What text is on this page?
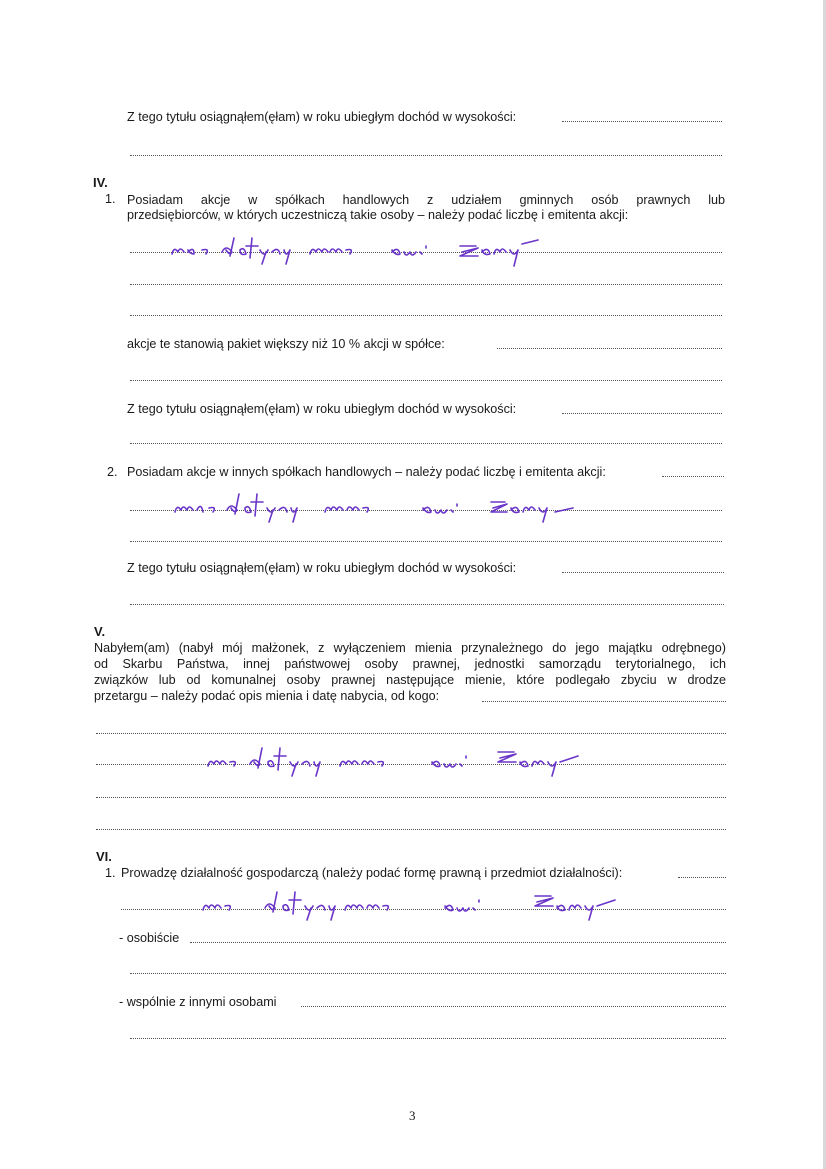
Z tego tytułu osiągnąłem(ęłam) w roku ubiegłym dochód w wysokości:
IV.
1. Posiadam akcje w spółkach handlowych z udziałem gminnych osób prawnych lub
przedsiębiorców, w których uczestniczą takie osoby – należy podać liczbę i emitenta akcji:
akcje te stanowią pakiet większy niż 10 % akcji w spółce:
Z tego tytułu osiągnąłem(ęłam) w roku ubiegłym dochód w wysokości:
2. Posiadam akcje w innych spółkach handlowych – należy podać liczbę i emitenta akcji:
Z tego tytułu osiągnąłem(ęłam) w roku ubiegłym dochód w wysokości:
V.
Nabyłem(am) (nabył mój małżonek, z wyłączeniem mienia przynależnego do jego majątku odrębnego)
od Skarbu Państwa, innej państwowej osoby prawnej, jednostki samorządu terytorialnego, ich
związków lub od komunalnej osoby prawnej następujące mienie, które podlegało zbyciu w drodze
przetargu – należy podać opis mienia i datę nabycia, od kogo:
VI.
1. Prowadzę działalność gospodarczą (należy podać formę prawną i przedmiot działalności):
- osobiście
- wspólnie z innymi osobami
3
